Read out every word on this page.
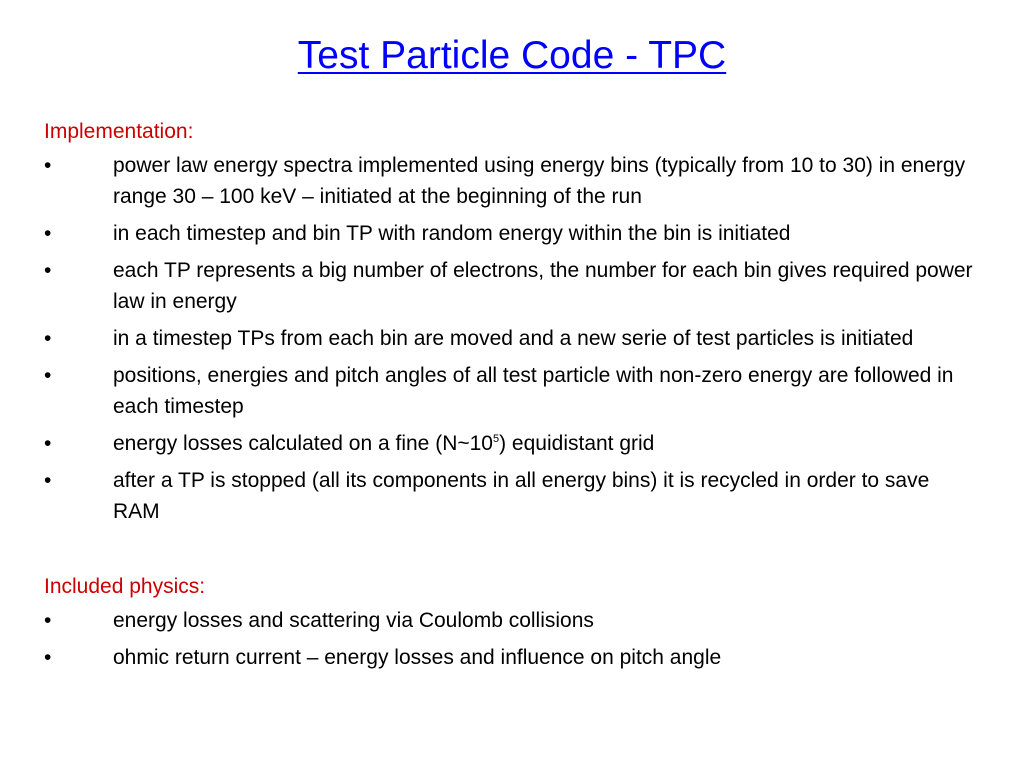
Test Particle Code - TPC
Implementation:
•	power law energy spectra implemented using energy bins (typically from 10 to 30) in energy range 30 – 100 keV – initiated at the beginning of the run
•	in each timestep and bin TP with random energy within the bin is initiated
•	each TP represents a big number of electrons, the number for each bin gives required power law in energy
•	in a timestep TPs from each bin are moved and a new serie of test particles is initiated
•	positions, energies and pitch angles of all test particle with non-zero energy are followed in each timestep
•	energy losses calculated on a fine $(N\sim 10^5)$ equidistant grid
•	after a TP is stopped (all its components in all energy bins) it is recycled in order to save RAM
Included physics:
•	energy losses and scattering via Coulomb collisions
•	ohmic return current – energy losses and influence on pitch angle
